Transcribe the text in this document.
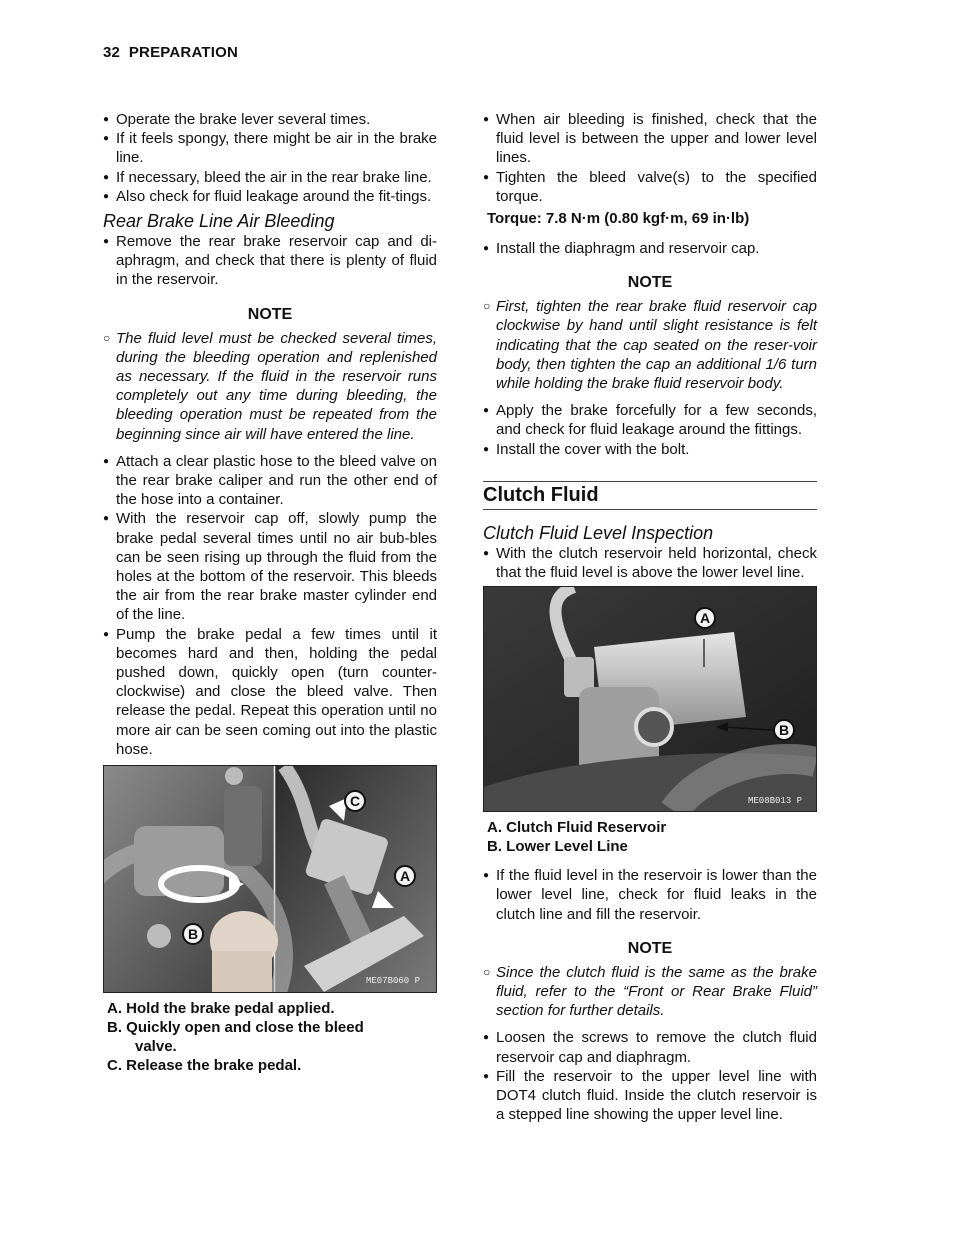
32 PREPARATION

● Operate the brake lever several times.

● If it feels spongy, there might be air in the brake line.

● If necessary, bleed the air in the rear brake line.

● Also check for fluid leakage around the fit-tings.

Rear Brake Line Air Bleeding

● Remove the rear brake reservoir cap and di-aphragm, and check that there is plenty of fluid in the reservoir.

NOTE

○ The fluid level must be checked several times, during the bleeding operation and replenished as necessary. If the fluid in the reservoir runs completely out any time during bleeding, the bleeding operation must be repeated from the beginning since air will have entered the line.

● Attach a clear plastic hose to the bleed valve on the rear brake caliper and run the other end of the hose into a container.

● With the reservoir cap off, slowly pump the brake pedal several times until no air bub-bles can be seen rising up through the fluid from the holes at the bottom of the reservoir. This bleeds the air from the rear brake master cylinder end of the line.

● Pump the brake pedal a few times until it becomes hard and then, holding the pedal pushed down, quickly open (turn counter-clockwise) and close the bleed valve. Then release the pedal. Repeat this operation until no more air can be seen coming out into the plastic hose.

C
A
B
ME07B060 P

A. Hold the brake pedal applied.

B. Quickly open and close the bleed

valve.

C. Release the brake pedal.

● When air bleeding is finished, check that the fluid level is between the upper and lower level lines.

● Tighten the bleed valve(s) to the specified torque.

Torque: 7.8 N·m (0.80 kgf·m, 69 in·lb)

● Install the diaphragm and reservoir cap.

NOTE

○ First, tighten the rear brake fluid reservoir cap clockwise by hand until slight resistance is felt indicating that the cap seated on the reser-voir body, then tighten the cap an additional 1/6 turn while holding the brake fluid reservoir body.

● Apply the brake forcefully for a few seconds, and check for fluid leakage around the fittings.

● Install the cover with the bolt.

Clutch Fluid

Clutch Fluid Level Inspection

● With the clutch reservoir held horizontal, check that the fluid level is above the lower level line.

A
B
ME08B013 P

A. Clutch Fluid Reservoir

B. Lower Level Line

● If the fluid level in the reservoir is lower than the lower level line, check for fluid leaks in the clutch line and fill the reservoir.

NOTE

○ Since the clutch fluid is the same as the brake fluid, refer to the “Front or Rear Brake Fluid” section for further details.

● Loosen the screws to remove the clutch fluid reservoir cap and diaphragm.

● Fill the reservoir to the upper level line with DOT4 clutch fluid. Inside the clutch reservoir is a stepped line showing the upper level line.
